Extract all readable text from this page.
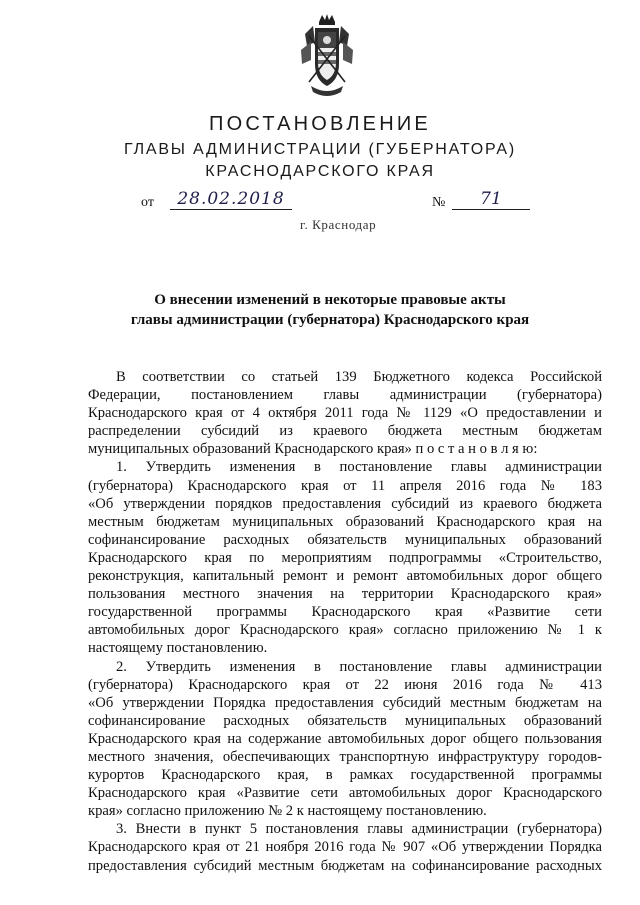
ПОСТАНОВЛЕНИЕ
ГЛАВЫ АДМИНИСТРАЦИИ (ГУБЕРНАТОРА)
КРАСНОДАРСКОГО КРАЯ
от	28.02.2018	№	71
г. Краснодар
О внесении изменений в некоторые правовые акты
главы администрации (губернатора) Краснодарского края
В соответствии со статьей 139 Бюджетного кодекса Российской
Федерации, постановлением главы администрации (губернатора)
Краснодарского края от 4 октября 2011 года № 1129 «О предоставлении и
распределении субсидий из краевого бюджета местным бюджетам
муниципальных образований Краснодарского края» п о с т а н о в л я ю:
1. Утвердить изменения в постановление главы администрации
(губернатора) Краснодарского края от 11 апреля 2016 года № 183
«Об утверждении порядков предоставления субсидий из краевого бюджета
местным бюджетам муниципальных образований Краснодарского края на
софинансирование расходных обязательств муниципальных образований
Краснодарского края по мероприятиям подпрограммы «Строительство,
реконструкция, капитальный ремонт и ремонт автомобильных дорог общего
пользования местного значения на территории Краснодарского края»
государственной программы Краснодарского края «Развитие сети
автомобильных дорог Краснодарского края» согласно приложению № 1 к
настоящему постановлению.
2. Утвердить изменения в постановление главы администрации
(губернатора) Краснодарского края от 22 июня 2016 года № 413
«Об утверждении Порядка предоставления субсидий местным бюджетам на
софинансирование расходных обязательств муниципальных образований
Краснодарского края на содержание автомобильных дорог общего пользования
местного значения, обеспечивающих транспортную инфраструктуру городов-
курортов Краснодарского края, в рамках государственной программы
Краснодарского края «Развитие сети автомобильных дорог Краснодарского
края» согласно приложению № 2 к настоящему постановлению.
3. Внести в пункт 5 постановления главы администрации (губернатора)
Краснодарского края от 21 ноября 2016 года № 907 «Об утверждении Порядка
предоставления субсидий местным бюджетам на софинансирование расходных
